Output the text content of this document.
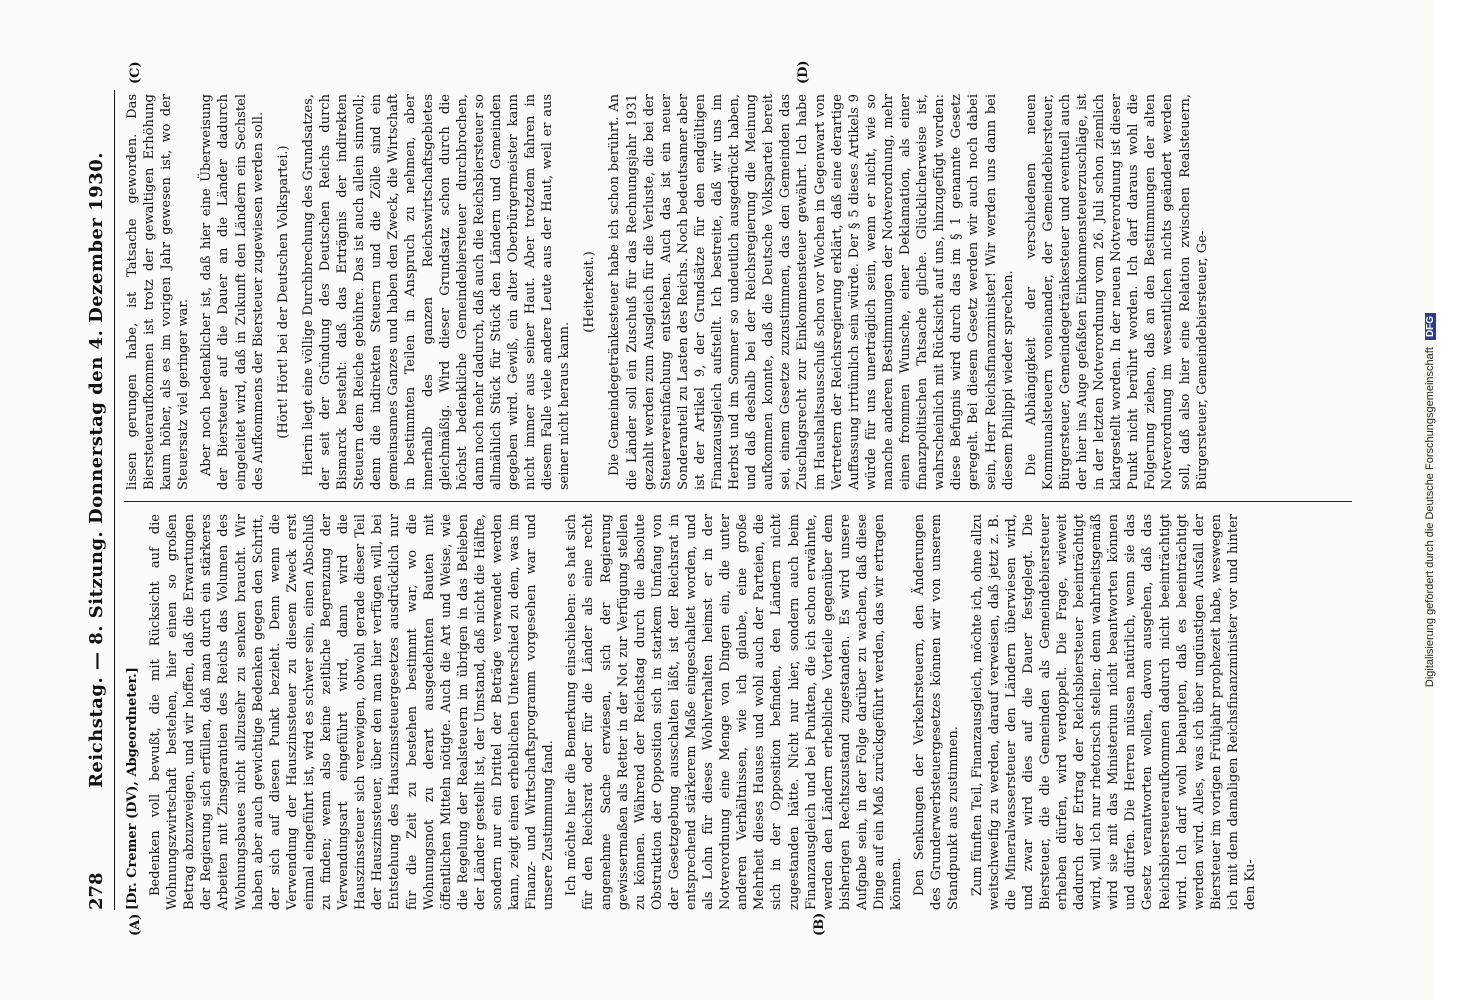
278
Reichstag. — 8. Sitzung. Donnerstag den 4. Dezember 1930.
(A)	(B)
(C)	(D)

[Dr. Cremer (DV), Abgeordneter.] Bedenken voll bewußt, die mit Rücksicht auf die Wohnungszwirtschaft bestehen, hier einen so großen Betrag abzuzweigen, und wir hoffen, daß die Erwartungen der Regierung sich erfüllen, daß man durch ein stärkeres Arbeiten mit Zinsgarantien des Reichs das Volumen des Wohnungsbaues nicht allzusehr zu senken braucht. Wir haben aber auch gewichtige Bedenken gegen den Schritt, der sich auf diesen Punkt bezieht. Denn wenn die Verwendung der Hauszinssteuer zu diesem Zweck erst einmal eingeführt ist, wird es schwer sein, einen Abschluß zu finden; wenn also keine zeitliche Begrenzung der Verwendungsart eingeführt wird, dann wird die Hauszinssteuer sich verewigen, obwohl gerade dieser Teil der Hauszinssteuer, über den man hier verfügen will, bei Entstehung des Hauszinssteuergesetzes ausdrücklich nur für die Zeit zu bestehen bestimmt war, wo die Wohnungsnot zu derart ausgedehnten Bauten mit öffentlichen Mitteln nötigte. Auch die Art und Weise, wie die Regelung der Realsteuern im übrigen in das Belieben der Länder gestellt ist, der Umstand, daß nicht die Hälfte, sondern nur ein Drittel der Beträge verwendet werden kann, zeigt einen erheblichen Unterschied zu dem, was im Finanz- und Wirtschaftsprogramm vorgesehen war und unsere Zustimmung fand. Ich möchte hier die Bemerkung einschieben: es hat sich für den Reichsrat oder für die Länder als eine recht angenehme Sache erwiesen, sich der Regierung gewissermaßen als Retter in der Not zur Verfügung stellen zu können. Während der Reichstag durch die absolute Obstruktion der Opposition sich in starkem Umfang von der Gesetzgebung ausschalten läßt, ist der Reichsrat in entsprechend stärkerem Maße eingeschaltet worden, und als Lohn für dieses Wohlverhalten heimst er in der Notverordnung eine Menge von Dingen ein, die unter anderen Verhältnissen, wie ich glaube, eine große Mehrheit dieses Hauses und wohl auch der Parteien, die sich in der Opposition befinden, den Ländern nicht zugestanden hätte. Nicht nur hier, sondern auch beim Finanzausgleich und bei Punkten, die ich schon erwähnte, werden den Ländern erhebliche Vorteile gegenüber dem bisherigen Rechtszustand zugestanden. Es wird unsere Aufgabe sein, in der Folge darüber zu wachen, daß diese Dinge auf ein Maß zurückgeführt werden, das wir ertragen können. Den Senkungen der Verkehrsteuern, den Änderungen des Grunderwerbsteuergesetzes können wir von unserem Standpunkt aus zustimmen. Zum fünften Teil, Finanzausgleich, möchte ich, ohne allzu weitschweifig zu werden, darauf verweisen, daß jetzt z. B. die Mineralwassersteuer den Ländern überwiesen wird, und zwar wird dies auf die Dauer festgelegt. Die Biersteuer, die die Gemeinden als Gemeindebiersteuer erheben dürfen, wird verdoppelt. Die Frage, wieweit dadurch der Ertrag der Reichsbiersteuer beeinträchtigt wird, will ich nur rhetorisch stellen; denn wahrheitsgemäß wird sie mit das Ministerium nicht beantworten können und dürfen. Die Herren müssen natürlich, wenn sie das Gesetz verantworten wollen, davon ausgehen, daß das Reichsbiersteueraufkommen dadurch nicht beeinträchtigt wird. Ich darf wohl behaupten, daß es beeinträchtigt werden wird. Alles, was ich über ungünstigen Ausfall der Biersteuer im vorigen Frühjahr prophezeit habe, weswegen ich mit dem damaligen Reichsfinanzminister vor und hinter den Ku-

lissen gerungen habe, ist Tatsache geworden. Das Biersteueraufkommen ist trotz der gewaltigen Erhöhung kaum höher, als es im vorigen Jahr gewesen ist, wo der Steuersatz viel geringer war. Aber noch bedenklicher ist, daß hier eine Überweisung der Biersteuer auf die Dauer an die Länder dadurch eingeleitet wird, daß in Zukunft den Ländern ein Sechstel des Aufkommens der Biersteuer zugewiesen werden soll. (Hört! Hört! bei der Deutschen Volkspartei.) Hierin liegt eine völlige Durchbrechung des Grundsatzes, der seit der Gründung des Deutschen Reichs durch Bismarck besteht: daß das Erträgnis der indirekten Steuern dem Reiche gebühre. Das ist auch allein sinnvoll; denn die indirekten Steuern und die Zölle sind ein gemeinsames Ganzes und haben den Zweck, die Wirtschaft in bestimmten Teilen in Anspruch zu nehmen, aber innerhalb des ganzen Reichswirtschaftsgebietes gleichmäßig. Wird dieser Grundsatz schon durch die höchst bedenkliche Gemeindebiersteuer durchbrochen, dann noch mehr dadurch, daß auch die Reichsbiersteuer so allmählich Stück für Stück den Ländern und Gemeinden gegeben wird. Gewiß, ein alter Oberbürgermeister kann nicht immer aus seiner Haut. Aber trotzdem fahren in diesem Falle viele andere Leute aus der Haut, weil er aus seiner nicht heraus kann.

(Heiterkeit.) Die Gemeindegetränkesteuer habe ich schon berührt. An die Länder soll ein Zuschuß für das Rechnungsjahr 1931 gezahlt werden zum Ausgleich für die Verluste, die bei der Steuervereinfachung entstehen. Auch das ist ein neuer Sonderanteil zu Lasten des Reichs. Noch bedeutsamer aber ist der Artikel 9, der Grundsätze für den endgültigen Finanzausgleich aufstellt. Ich bestreite, daß wir uns im Herbst und im Sommer so undeutlich ausgedrückt haben, und daß deshalb bei der Reichsregierung die Meinung aufkommen konnte, daß die Deutsche Volkspartei bereit sei, einem Gesetze zuzustimmen, das den Gemeinden das Zuschlagsrecht zur Einkommensteuer gewährt. Ich habe im Haushaltsausschuß schon vor Wochen in Gegenwart von Vertretern der Reichsregierung erklärt, daß eine derartige Auffassung irrtümlich sein würde. Der § 5 dieses Artikels 9 würde für uns unerträglich sein, wenn er nicht, wie so manche anderen Bestimmungen der Notverordnung, mehr einen frommen Wunsche, einer Deklamation, als einer finanzpolitischen Tatsache gliche. Glücklicherweise ist, wahrscheinlich mit Rücksicht auf uns, hinzugefügt worden: diese Befugnis wird durch das im § 1 genannte Gesetz geregelt. Bei diesem Gesetz werden wir auch noch dabei sein, Herr Reichsfinanzminister! Wir werden uns dann bei diesem Philippi wieder sprechen. Die Abhängigkeit der verschiedenen neuen Kommunalsteuern voneinander, der Gemeindebiersteuer, Bürgersteuer, Gemeindegetränkesteuer und eventuell auch der hier ins Auge gefaßten Einkommensteuerzuschläge, ist in der letzten Notverordnung vom 26. Juli schon ziemlich klargestellt worden. In der neuen Notverordnung ist dieser Punkt nicht berührt worden. Ich darf daraus wohl die Folgerung ziehen, daß an den Bestimmungen der alten Notverordnung im wesentlichen nichts geändert werden soll, daß also hier eine Relation zwischen Realsteuern, Bürgersteuer, Gemeindebiersteuer, Ge-	Digitalisierung gefördert durch die Deutsche Forschungsgemeinschaft DFG
